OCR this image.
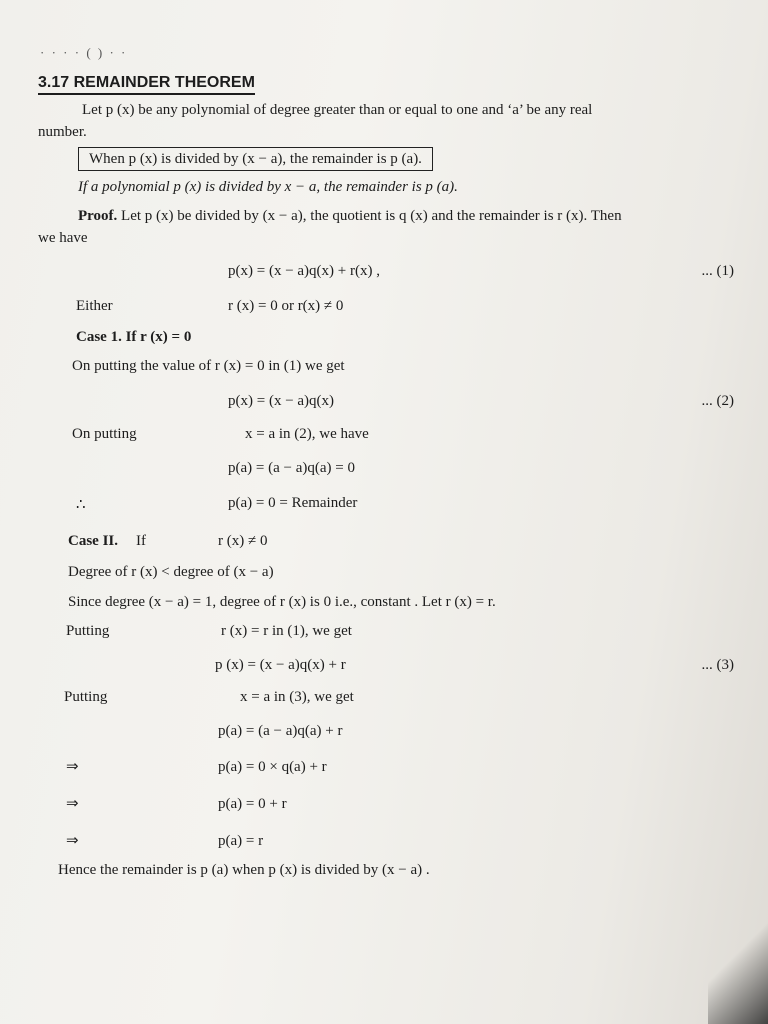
· · · · ( ) · ·
3.17 REMAINDER THEOREM
Let p (x) be any polynomial of degree greater than or equal to one and ‘a’ be any real
number.
When p (x) is divided by (x − a), the remainder is p (a).
If a polynomial p (x) is divided by x − a, the remainder is p (a).
Proof. Let p (x) be divided by (x − a), the quotient is q (x) and the remainder is r (x). Then
we have
p(x) = (x − a)q(x) + r(x) ,	... (1)
Either	r (x) = 0 or r(x) ≠ 0
Case 1. If r (x) = 0
On putting the value of r (x) = 0 in (1) we get
p(x) = (x − a)q(x)	... (2)
On putting	x = a in (2), we have
p(a) = (a − a)q(a) = 0
∴	p(a) = 0 = Remainder
Case II. If	r (x) ≠ 0
Degree of r (x) < degree of (x − a)
Since degree (x − a) = 1, degree of r (x) is 0 i.e., constant . Let r (x) = r.
Putting	r (x) = r in (1), we get
p (x) = (x − a)q(x) + r	... (3)
Putting	x = a in (3), we get
p(a) = (a − a)q(a) + r
⇒	p(a) = 0 × q(a) + r
⇒	p(a) = 0 + r
⇒	p(a) = r
Hence the remainder is p (a) when p (x) is divided by (x − a) .
